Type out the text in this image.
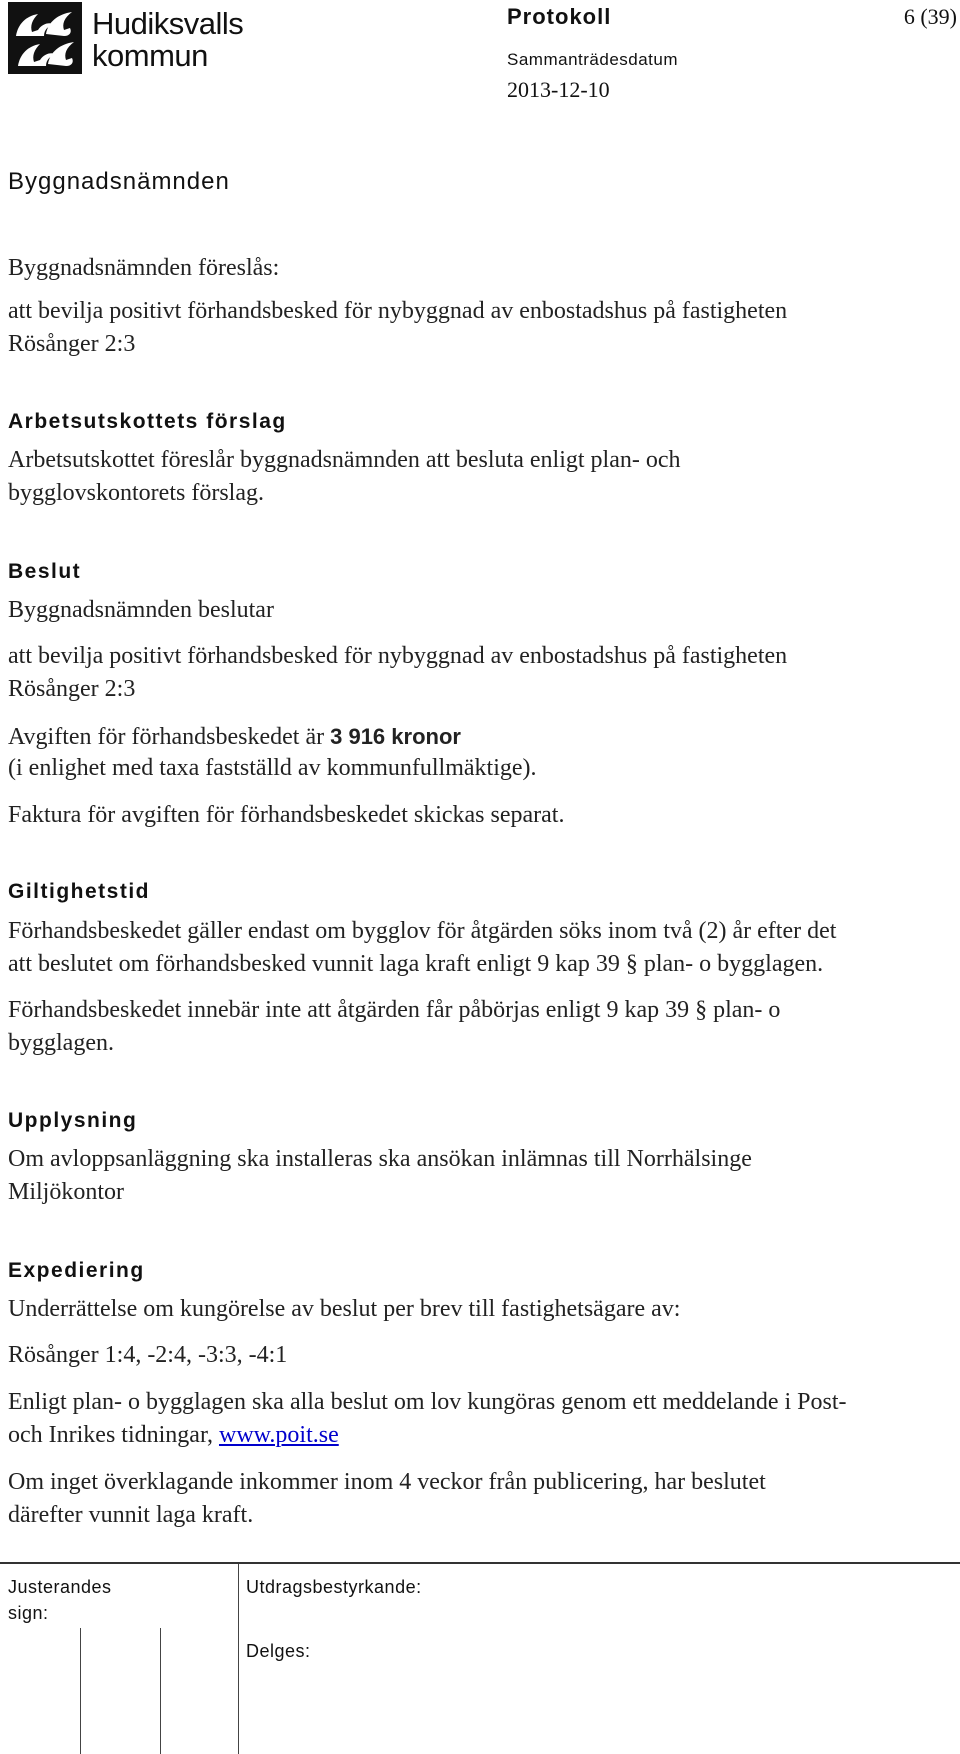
Hudiksvalls
kommun
Protokoll	6 (39)
Sammanträdesdatum
2013-12-10
Byggnadsnämnden
Byggnadsnämnden föreslås:
att bevilja positivt förhandsbesked för nybyggnad av enbostadshus på fastigheten
Rösånger 2:3
Arbetsutskottets förslag
Arbetsutskottet föreslår byggnadsnämnden att besluta enligt plan- och
bygglovskontorets förslag.
Beslut
Byggnadsnämnden beslutar
att bevilja positivt förhandsbesked för nybyggnad av enbostadshus på fastigheten
Rösånger 2:3
Avgiften för förhandsbeskedet är 3 916 kronor
(i enlighet med taxa fastställd av kommunfullmäktige).
Faktura för avgiften för förhandsbeskedet skickas separat.
Giltighetstid
Förhandsbeskedet gäller endast om bygglov för åtgärden söks inom två (2) år efter det
att beslutet om förhandsbesked vunnit laga kraft enligt 9 kap 39 § plan- o bygglagen.
Förhandsbeskedet innebär inte att åtgärden får påbörjas enligt 9 kap 39 § plan- o
bygglagen.
Upplysning
Om avloppsanläggning ska installeras ska ansökan inlämnas till Norrhälsinge
Miljökontor
Expediering
Underrättelse om kungörelse av beslut per brev till fastighetsägare av:
Rösånger 1:4, -2:4, -3:3, -4:1
Enligt plan- o bygglagen ska alla beslut om lov kungöras genom ett meddelande i Post-
och Inrikes tidningar, www.poit.se
Om inget överklagande inkommer inom 4 veckor från publicering, har beslutet
därefter vunnit laga kraft.
Justerandes
sign:
Utdragsbestyrkande:
Delges:
